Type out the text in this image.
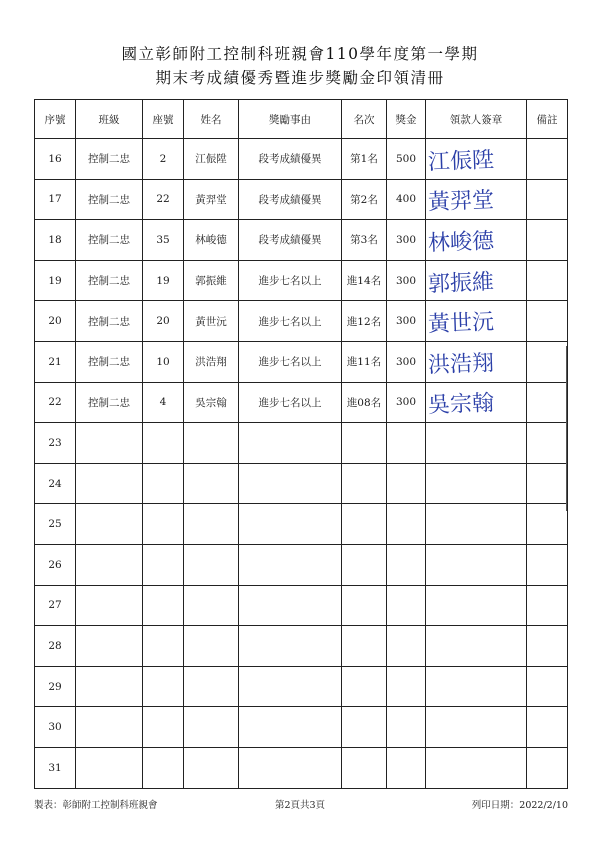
國立彰師附工控制科班親會110學年度第一學期
期末考成績優秀暨進步獎勵金印領清冊
序號	班級	座號	姓名	獎勵事由	名次	獎金	領款人簽章	備註
16	控制二忠	2	江侲陞	段考成績優異	第1名	500	江侲陞	

17	控制二忠	22	黃羿堂	段考成績優異	第2名	400	黃羿堂	

18	控制二忠	35	林峻德	段考成績優異	第3名	300	林峻德	

19	控制二忠	19	郭振維	進步七名以上	進14名	300	郭振維	

20	控制二忠	20	黃世沅	進步七名以上	進12名	300	黃世沅	

21	控制二忠	10	洪浩翔	進步七名以上	進11名	300	洪浩翔	

22	控制二忠	4	吳宗翰	進步七名以上	進08名	300	吳宗翰	

23							

24							

25							

26							

27							

28							

29							

30							

31							

製表：彰師附工控制科班親會	第2頁共3頁	列印日期：2022/2/10
